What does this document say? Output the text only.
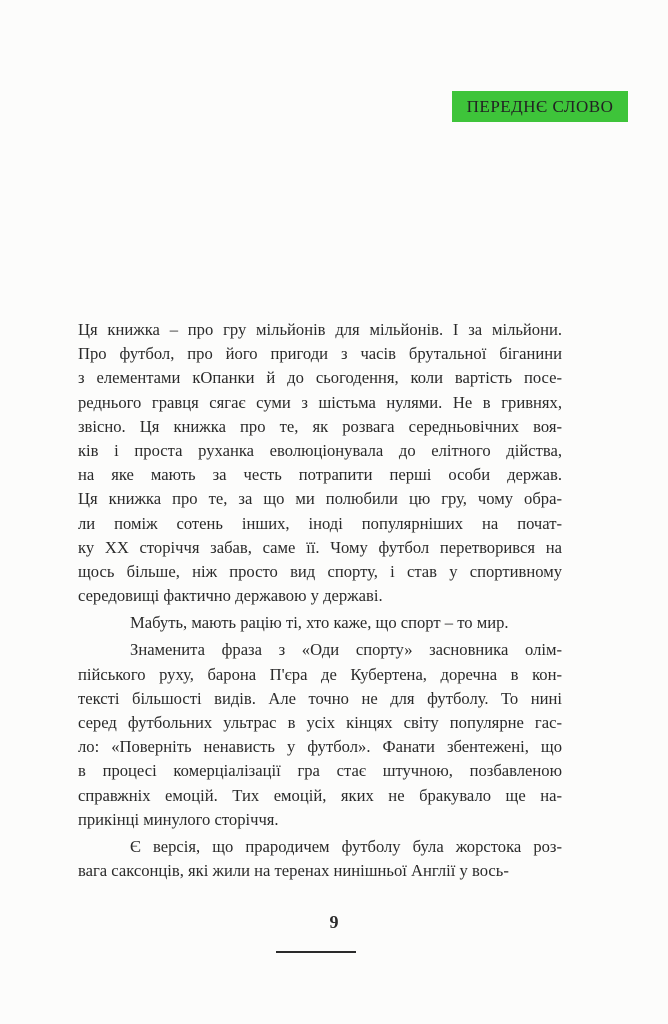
ПЕРЕДНЄ СЛОВО
Ця книжка – про гру мільйонів для мільйонів. І за мільйони.
Про футбол, про його пригоди з часів брутальної біганини
з елементами кОпанки й до сьогодення, коли вартість посе-
реднього гравця сягає суми з шістьма нулями. Не в гривнях,
звісно. Ця книжка про те, як розвага середньовічних воя-
ків і проста руханка еволюціонувала до елітного дійства,
на яке мають за честь потрапити перші особи держав.
Ця книжка про те, за що ми полюбили цю гру, чому обра-
ли поміж сотень інших, іноді популярніших на почат-
ку XX сторіччя забав, саме її. Чому футбол перетворився на
щось більше, ніж просто вид спорту, і став у спортивному
середовищі фактично державою у державі.
Мабуть, мають рацію ті, хто каже, що спорт – то мир.
Знаменита фраза з «Оди спорту» засновника олім-
пійського руху, барона П'єра де Кубертена, доречна в кон-
тексті більшості видів. Але точно не для футболу. То нині
серед футбольних ультрас в усіх кінцях світу популярне гас-
ло: «Поверніть ненависть у футбол». Фанати збентежені, що
в процесі комерціалізації гра стає штучною, позбавленою
справжніх емоцій. Тих емоцій, яких не бракувало ще на-
прикінці минулого сторіччя.
Є версія, що прародичем футболу була жорстока роз-
вага саксонців, які жили на теренах нинішньої Англії у вось-
9
